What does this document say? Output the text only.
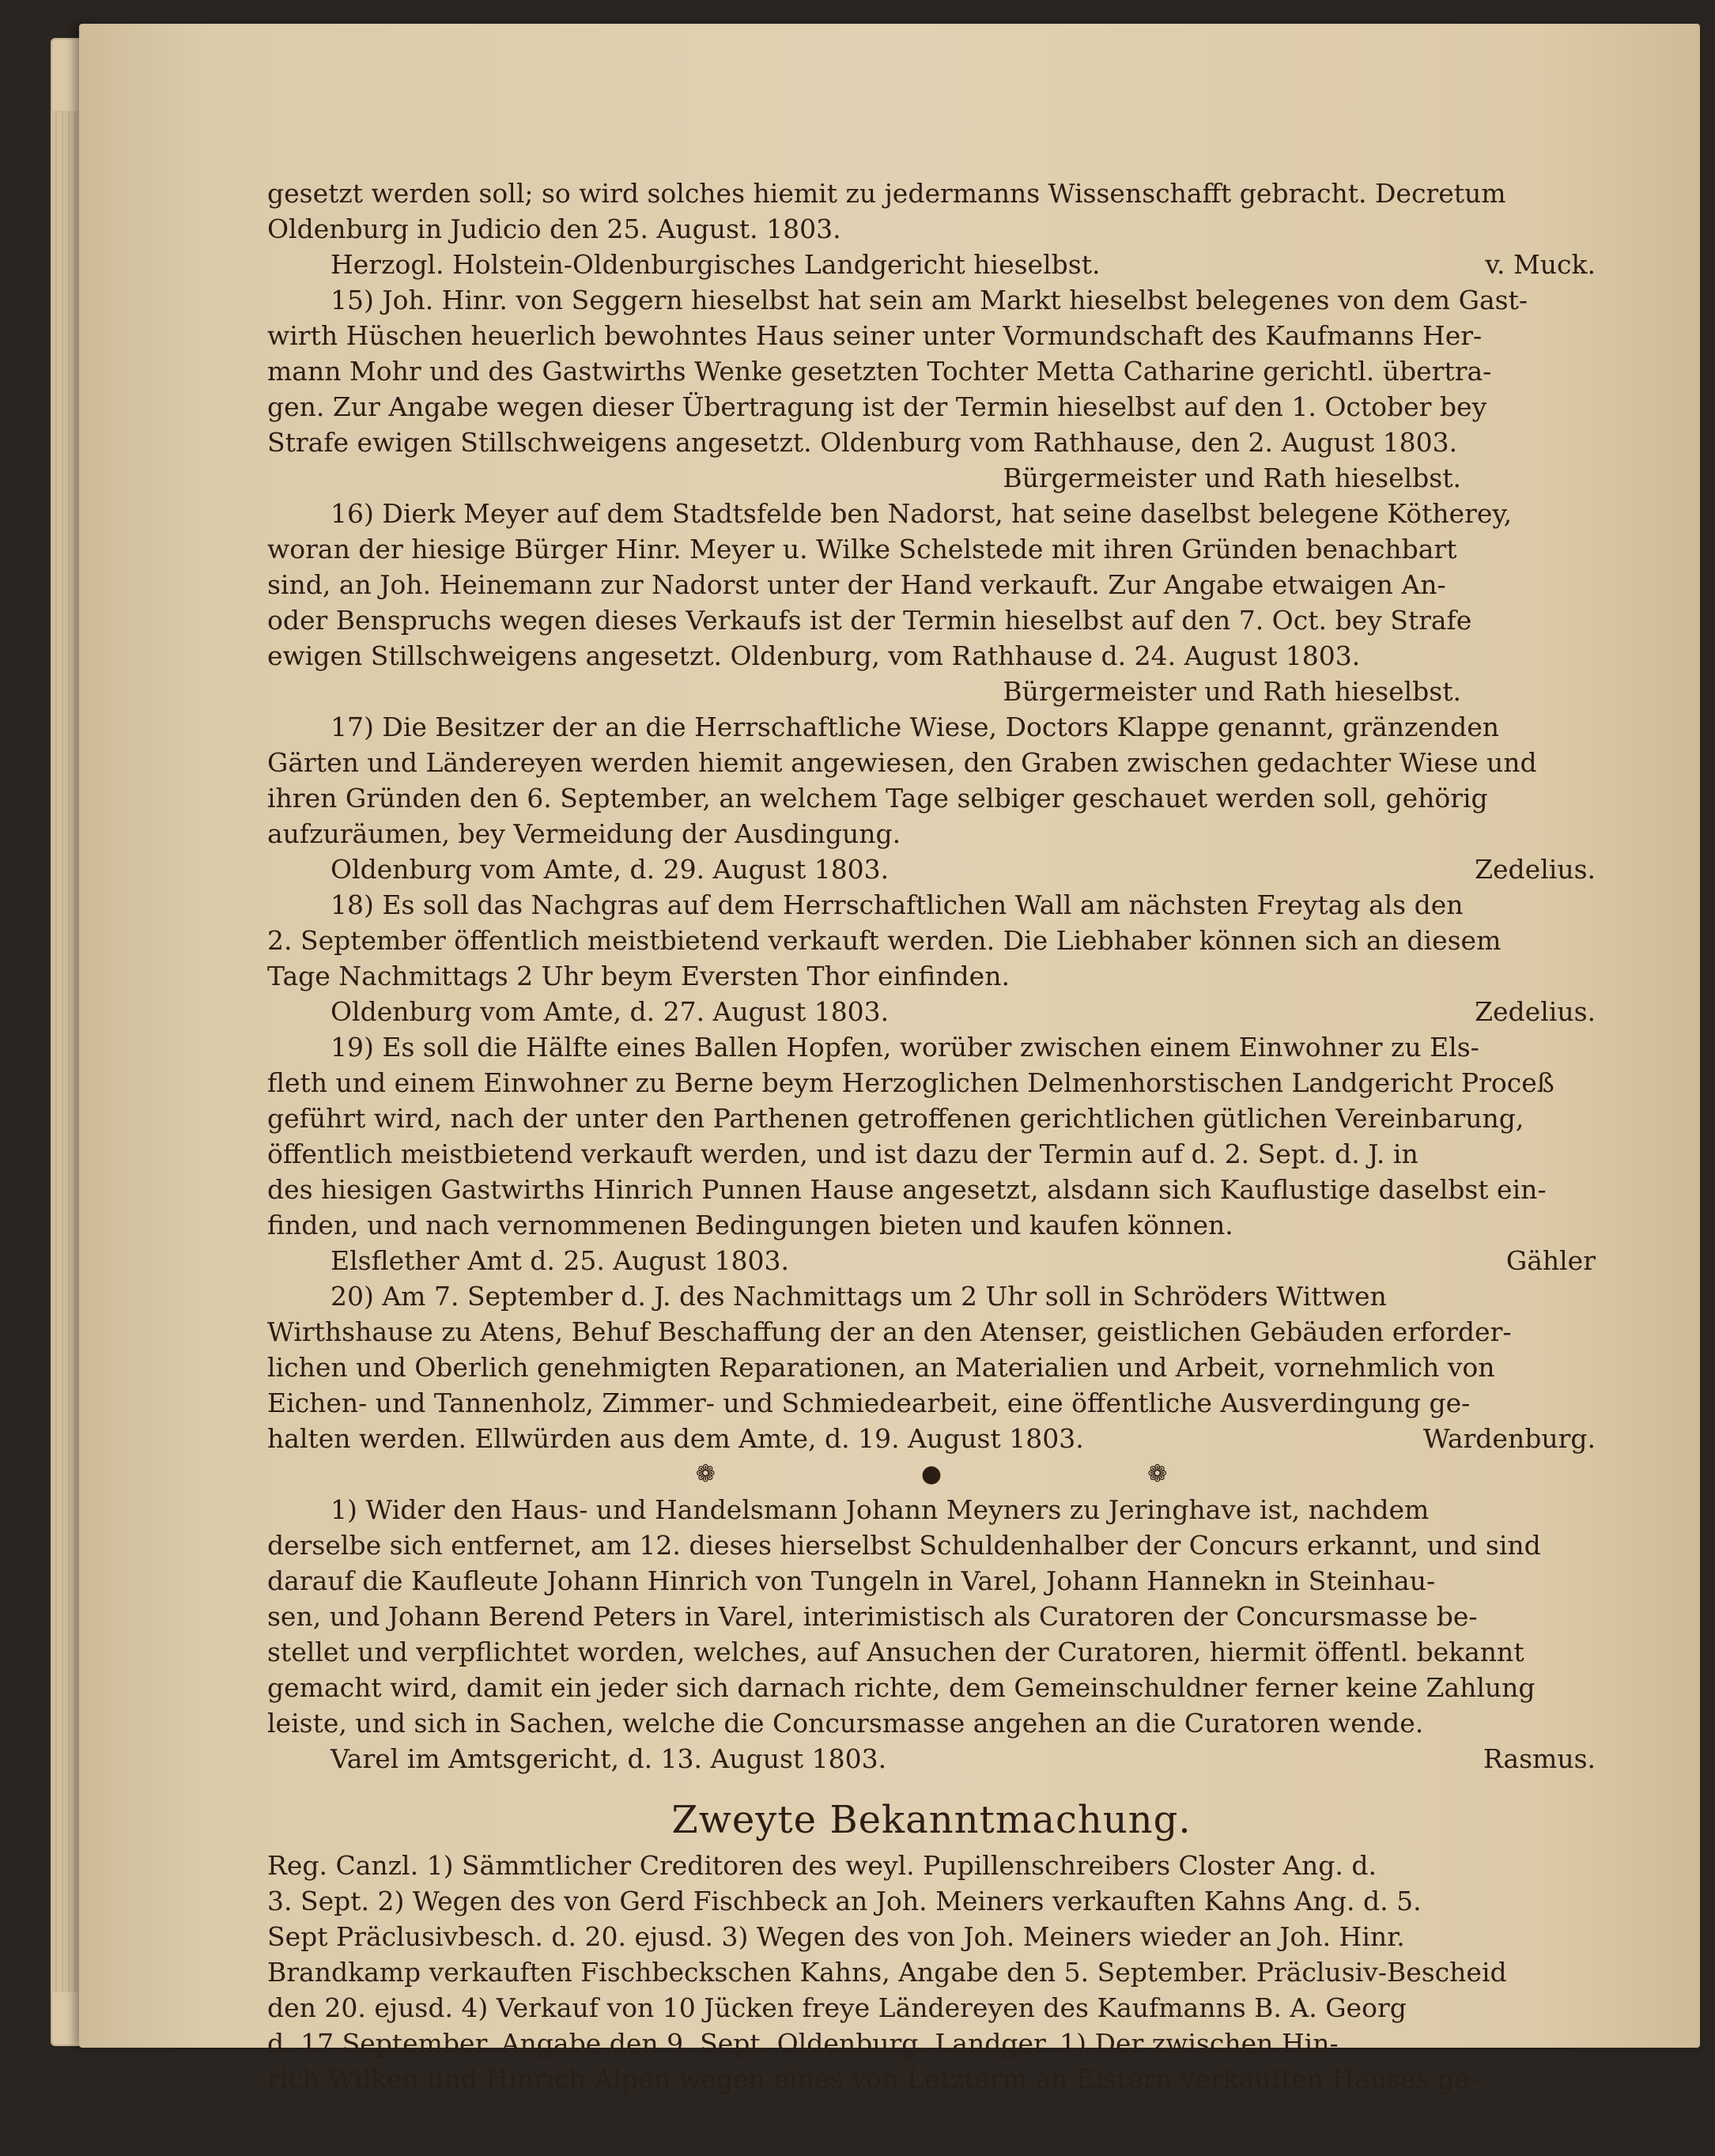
gesetzt werden soll; so wird solches hiemit zu jedermanns Wissenschafft gebracht. Decretum
Oldenburg in Judicio den 25. August. 1803.
Herzogl. Holstein-Oldenburgisches Landgericht hieselbst.	v. Muck.
15) Joh. Hinr. von Seggern hieselbst hat sein am Markt hieselbst belegenes von dem Gast-
wirth Hüschen heuerlich bewohntes Haus seiner unter Vormundschaft des Kaufmanns Her-
mann Mohr und des Gastwirths Wenke gesetzten Tochter Metta Catharine gerichtl. übertra-
gen. Zur Angabe wegen dieser Übertragung ist der Termin hieselbst auf den 1. October bey
Strafe ewigen Stillschweigens angesetzt. Oldenburg vom Rathhause, den 2. August 1803.
Bürgermeister und Rath hieselbst.
16) Dierk Meyer auf dem Stadtsfelde ben Nadorst, hat seine daselbst belegene Kötherey,
woran der hiesige Bürger Hinr. Meyer u. Wilke Schelstede mit ihren Gründen benachbart
sind, an Joh. Heinemann zur Nadorst unter der Hand verkauft. Zur Angabe etwaigen An-
oder Benspruchs wegen dieses Verkaufs ist der Termin hieselbst auf den 7. Oct. bey Strafe
ewigen Stillschweigens angesetzt. Oldenburg, vom Rathhause d. 24. August 1803.
Bürgermeister und Rath hieselbst.
17) Die Besitzer der an die Herrschaftliche Wiese, Doctors Klappe genannt, gränzenden
Gärten und Ländereyen werden hiemit angewiesen, den Graben zwischen gedachter Wiese und
ihren Gründen den 6. September, an welchem Tage selbiger geschauet werden soll, gehörig
aufzuräumen, bey Vermeidung der Ausdingung.
Oldenburg vom Amte, d. 29. August 1803.	Zedelius.
18) Es soll das Nachgras auf dem Herrschaftlichen Wall am nächsten Freytag als den
2. September öffentlich meistbietend verkauft werden. Die Liebhaber können sich an diesem
Tage Nachmittags 2 Uhr beym Eversten Thor einfinden.
Oldenburg vom Amte, d. 27. August 1803.	Zedelius.
19) Es soll die Hälfte eines Ballen Hopfen, worüber zwischen einem Einwohner zu Els-
fleth und einem Einwohner zu Berne beym Herzoglichen Delmenhorstischen Landgericht Proceß
geführt wird, nach der unter den Parthenen getroffenen gerichtlichen gütlichen Vereinbarung,
öffentlich meistbietend verkauft werden, und ist dazu der Termin auf d. 2. Sept. d. J. in
des hiesigen Gastwirths Hinrich Punnen Hause angesetzt, alsdann sich Kauflustige daselbst ein-
finden, und nach vernommenen Bedingungen bieten und kaufen können.
Elsflether Amt d. 25. August 1803.	Gähler
20) Am 7. September d. J. des Nachmittags um 2 Uhr soll in Schröders Wittwen
Wirthshause zu Atens, Behuf Beschaffung der an den Atenser, geistlichen Gebäuden erforder-
lichen und Oberlich genehmigten Reparationen, an Materialien und Arbeit, vornehmlich von
Eichen- und Tannenholz, Zimmer- und Schmiedearbeit, eine öffentliche Ausverdingung ge-
halten werden. Ellwürden aus dem Amte, d. 19. August 1803.	Wardenburg.
❁	●	❁
1) Wider den Haus- und Handelsmann Johann Meyners zu Jeringhave ist, nachdem
derselbe sich entfernet, am 12. dieses hierselbst Schuldenhalber der Concurs erkannt, und sind
darauf die Kaufleute Johann Hinrich von Tungeln in Varel, Johann Hannekn in Steinhau-
sen, und Johann Berend Peters in Varel, interimistisch als Curatoren der Concursmasse be-
stellet und verpflichtet worden, welches, auf Ansuchen der Curatoren, hiermit öffentl. bekannt
gemacht wird, damit ein jeder sich darnach richte, dem Gemeinschuldner ferner keine Zahlung
leiste, und sich in Sachen, welche die Concursmasse angehen an die Curatoren wende.
Varel im Amtsgericht, d. 13. August 1803.	Rasmus.
Zweyte Bekanntmachung.
Reg. Canzl. 1) Sämmtlicher Creditoren des weyl. Pupillenschreibers Closter Ang. d.
3. Sept. 2) Wegen des von Gerd Fischbeck an Joh. Meiners verkauften Kahns Ang. d. 5.
Sept Präclusivbesch. d. 20. ejusd. 3) Wegen des von Joh. Meiners wieder an Joh. Hinr.
Brandkamp verkauften Fischbeckschen Kahns, Angabe den 5. September. Präclusiv-Bescheid
den 20. ejusd. 4) Verkauf von 10 Jücken freye Ländereyen des Kaufmanns B. A. Georg
d. 17 September. Angabe den 9. Sept. Oldenburg. Landger. 1) Der zwischen Hin-
rich Wilken und Hinrich Alpen wegen eines von Letzterm an Eistern verkauften Hauses ge-
